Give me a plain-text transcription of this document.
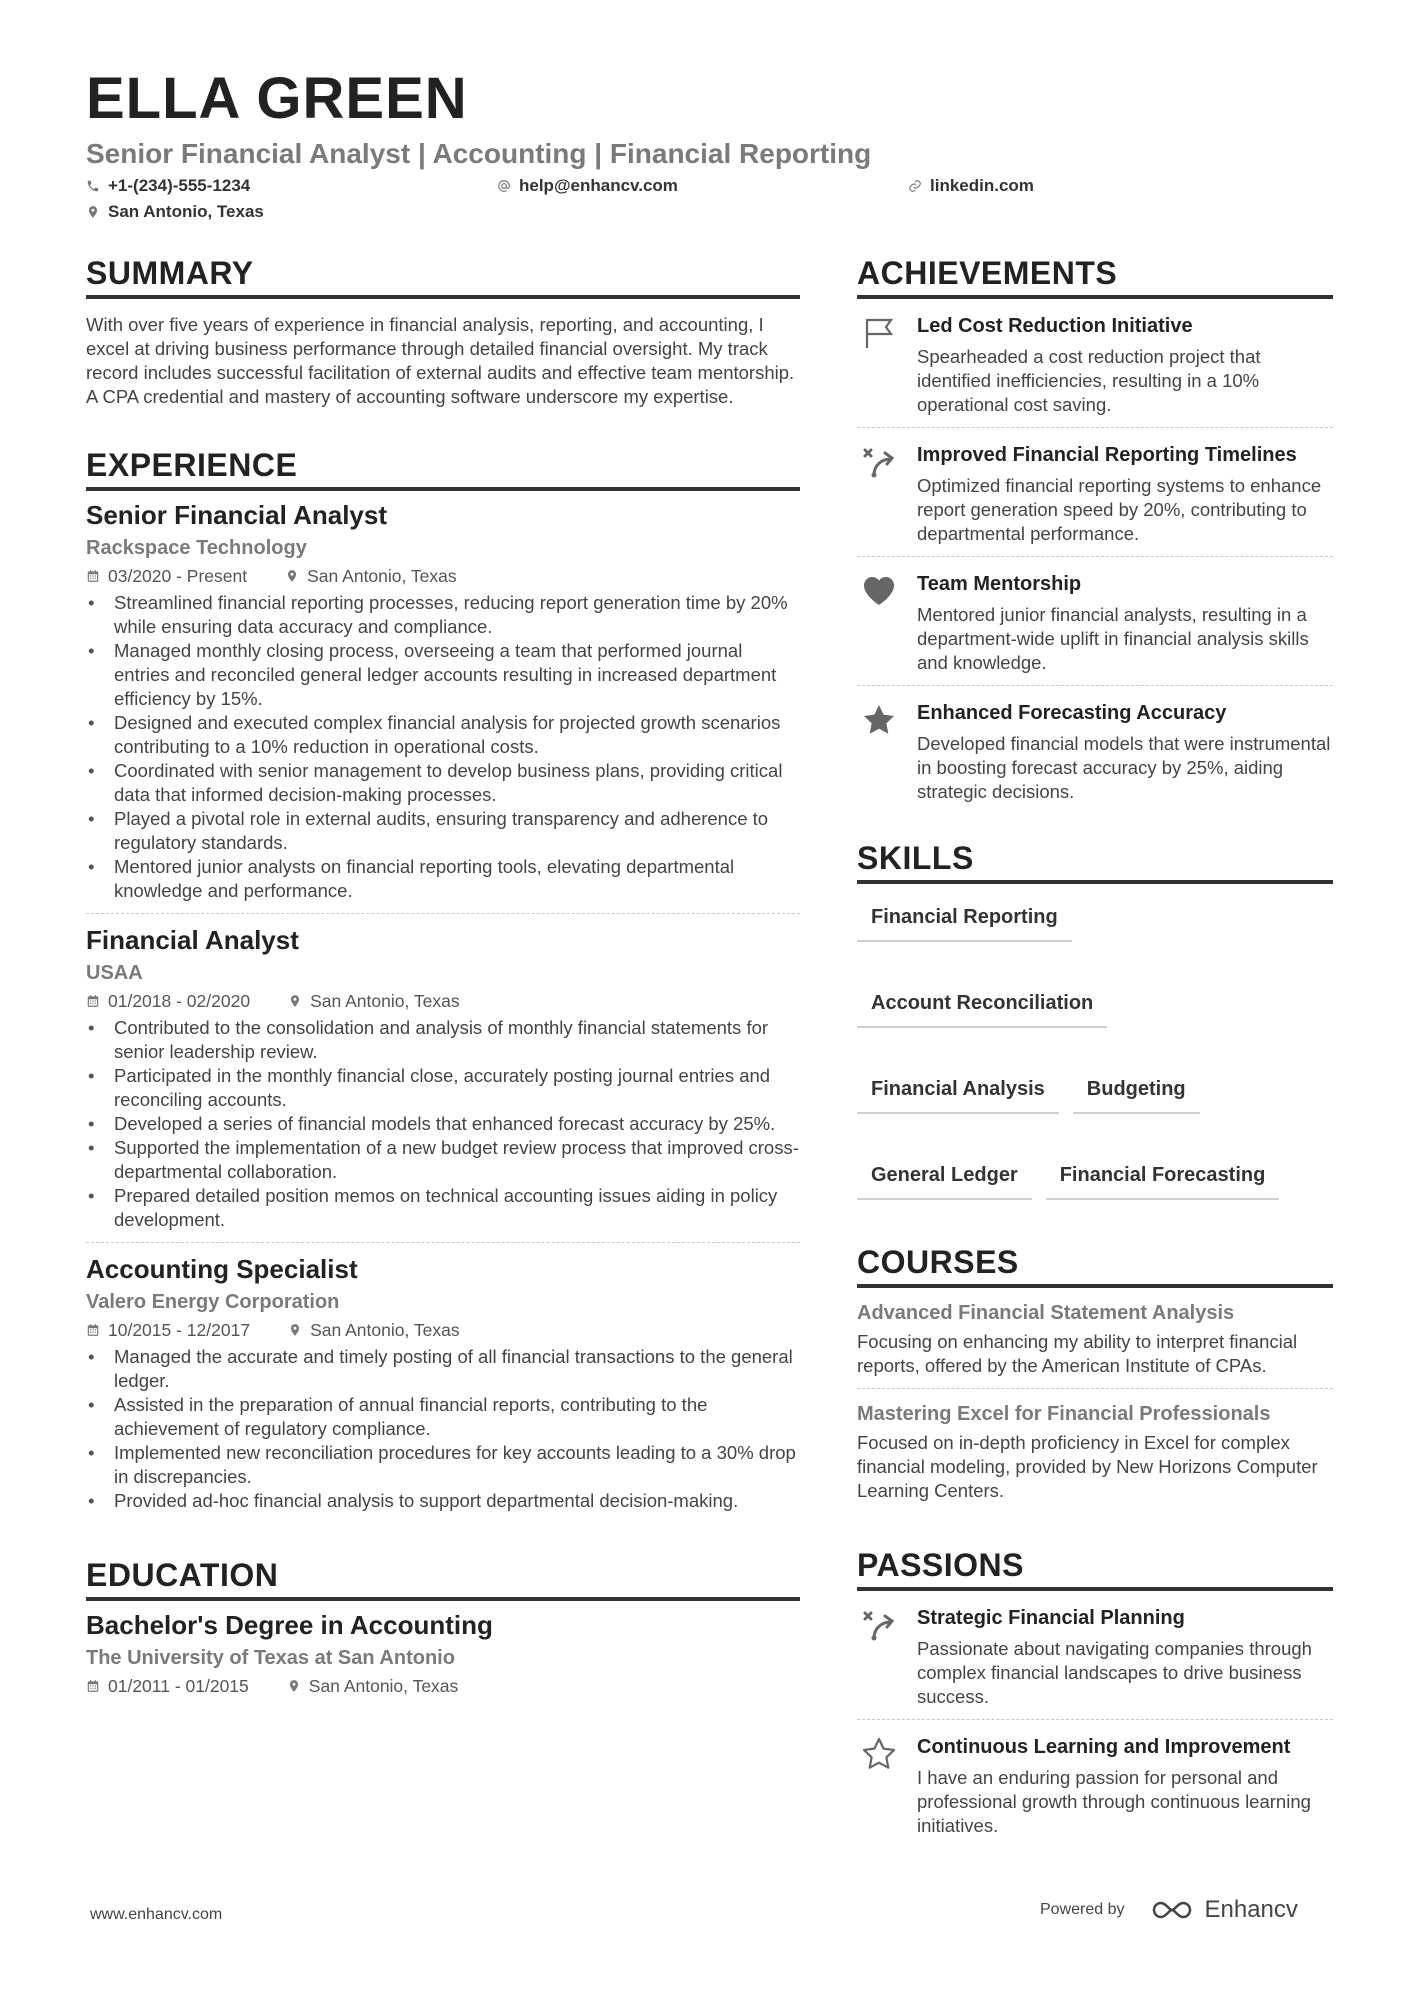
ELLA GREEN
Senior Financial Analyst | Accounting | Financial Reporting
+1-(234)-555-1234	help@enhancv.com	linkedin.com
San Antonio, Texas
SUMMARY

With over five years of experience in financial analysis, reporting, and accounting, I excel at driving business performance through detailed financial oversight. My track record includes successful facilitation of external audits and effective team mentorship. A CPA credential and mastery of accounting software underscore my expertise.

EXPERIENCE
Senior Financial Analyst
Rackspace Technology
03/2020 - Present	San Antonio, Texas
• Streamlined financial reporting processes, reducing report generation time by 20% while ensuring data accuracy and compliance.
• Managed monthly closing process, overseeing a team that performed journal entries and reconciled general ledger accounts resulting in increased department efficiency by 15%.
• Designed and executed complex financial analysis for projected growth scenarios contributing to a 10% reduction in operational costs.
• Coordinated with senior management to develop business plans, providing critical data that informed decision-making processes.
• Played a pivotal role in external audits, ensuring transparency and adherence to regulatory standards.
• Mentored junior analysts on financial reporting tools, elevating departmental knowledge and performance.
Financial Analyst
USAA
01/2018 - 02/2020	San Antonio, Texas
• Contributed to the consolidation and analysis of monthly financial statements for senior leadership review.
• Participated in the monthly financial close, accurately posting journal entries and reconciling accounts.
• Developed a series of financial models that enhanced forecast accuracy by 25%.
• Supported the implementation of a new budget review process that improved cross-departmental collaboration.
• Prepared detailed position memos on technical accounting issues aiding in policy development.
Accounting Specialist
Valero Energy Corporation
10/2015 - 12/2017	San Antonio, Texas
• Managed the accurate and timely posting of all financial transactions to the general ledger.
• Assisted in the preparation of annual financial reports, contributing to the achievement of regulatory compliance.
• Implemented new reconciliation procedures for key accounts leading to a 30% drop in discrepancies.
• Provided ad-hoc financial analysis to support departmental decision-making.
EDUCATION
Bachelor's Degree in Accounting
The University of Texas at San Antonio
01/2011 - 01/2015	San Antonio, Texas
ACHIEVEMENTS
Led Cost Reduction Initiative

Spearheaded a cost reduction project that identified inefficiencies, resulting in a 10% operational cost saving.

Improved Financial Reporting Timelines

Optimized financial reporting systems to enhance report generation speed by 20%, contributing to departmental performance.

Team Mentorship

Mentored junior financial analysts, resulting in a department-wide uplift in financial analysis skills and knowledge.

Enhanced Forecasting Accuracy

Developed financial models that were instrumental in boosting forecast accuracy by 25%, aiding strategic decisions.

SKILLS
Financial Reporting
Account Reconciliation
Financial Analysis	Budgeting
General Ledger	Financial Forecasting
COURSES
Advanced Financial Statement Analysis

Focusing on enhancing my ability to interpret financial reports, offered by the American Institute of CPAs.

Mastering Excel for Financial Professionals

Focused on in-depth proficiency in Excel for complex financial modeling, provided by New Horizons Computer Learning Centers.

PASSIONS
Strategic Financial Planning

Passionate about navigating companies through complex financial landscapes to drive business success.

Continuous Learning and Improvement

I have an enduring passion for personal and professional growth through continuous learning initiatives.

www.enhancv.com	Powered by	Enhancv
